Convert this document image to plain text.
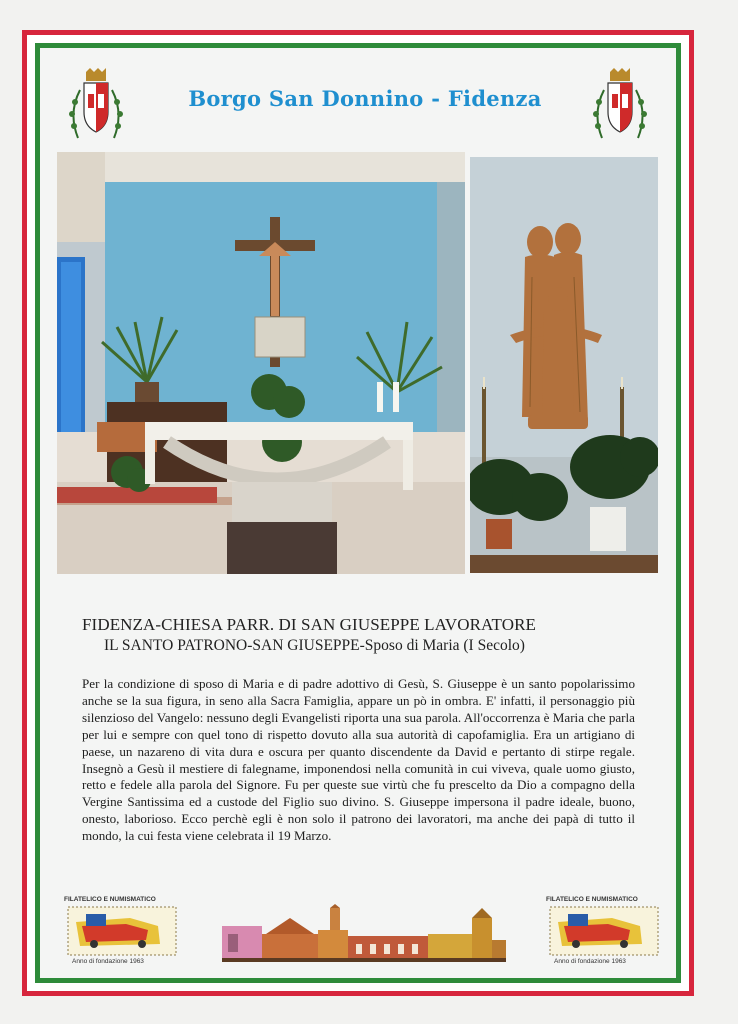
Borgo San Donnino - Fidenza

FIDENZA-CHIESA PARR. DI SAN GIUSEPPE LAVORATORE

IL SANTO PATRONO-SAN GIUSEPPE-Sposo di Maria (I Secolo)

Per la condizione di sposo di Maria e di padre adottivo di Gesù, S. Giuseppe è un santo popolarissimo anche se la sua figura, in seno alla Sacra Famiglia, appare un pò in ombra. E' infatti, il personaggio più silenzioso del Vangelo: nessuno degli Evangelisti riporta una sua parola. All'occorrenza è Maria che parla per lui e sempre con quel tono di rispetto dovuto alla sua autorità di capofamiglia. Era un artigiano di paese, un nazareno di vita dura e oscura per quanto discendente da David e pertanto di stirpe regale. Insegnò a Gesù il mestiere di falegname, imponendosi nella comunità in cui viveva, quale uomo giusto, retto e fedele alla parola del Signore. Fu per queste sue virtù che fu prescelto da Dio a compagno della Vergine Santissima ed a custode del Figlio suo divino. S. Giuseppe impersona il padre ideale, buono, onesto, laborioso. Ecco perchè egli è non solo il patrono dei lavoratori, ma anche dei papà di tutto il mondo, la cui festa viene celebrata il 19 Marzo.

FILATELICO E NUMISMATICO
Anno di fondazione 1963
FILATELICO E NUMISMATICO
Anno di fondazione 1963
